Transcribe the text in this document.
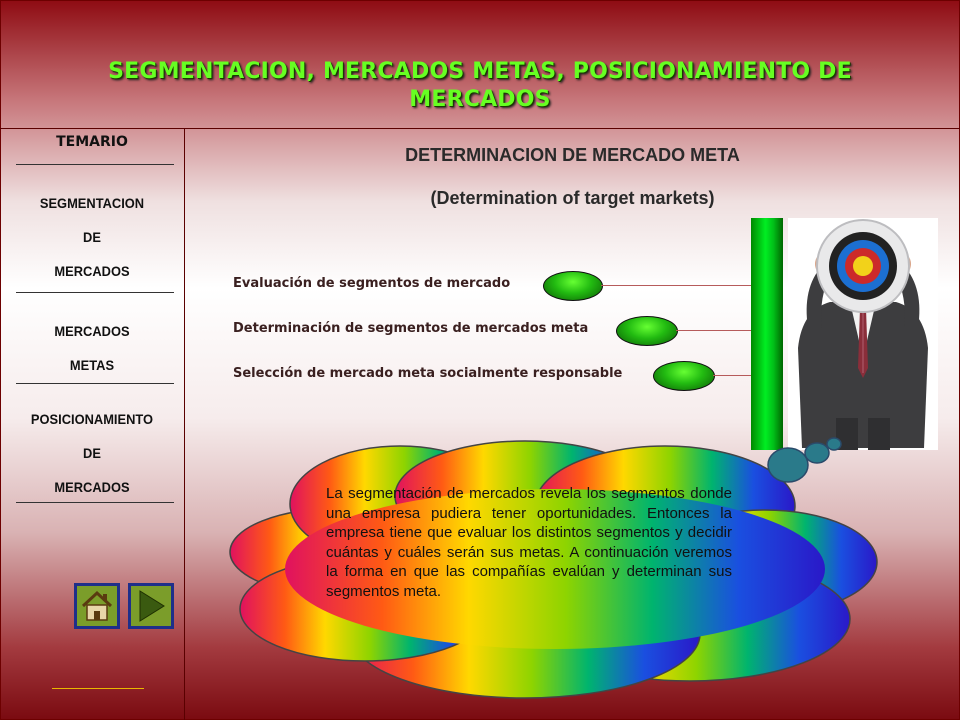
SEGMENTACION, MERCADOS METAS, POSICIONAMIENTO DE MERCADOS
TEMARIO
SEGMENTACION
DE
MERCADOS
MERCADOS
METAS
POSICIONAMIENTO
DE
MERCADOS
DETERMINACION DE MERCADO META
(Determination of target markets)
Evaluación de segmentos de mercado
Determinación de segmentos de mercados meta
Selección de mercado meta socialmente responsable
La segmentación de mercados revela los segmentos donde una empresa pudiera tener oportunidades. Entonces la empresa tiene que evaluar los distintos segmentos y decidir cuántas y cuáles serán sus metas. A continuación veremos la forma en que las compañías evalúan y determinan sus segmentos meta.
